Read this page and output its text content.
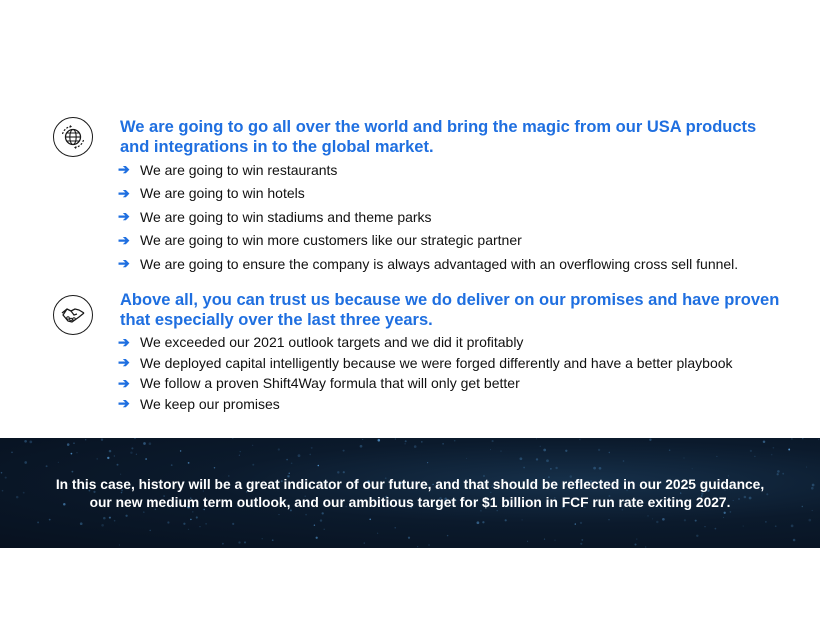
We are going to go all over the world and bring the magic from our USA products and integrations in to the global market.

➔ We are going to win restaurants
➔ We are going to win hotels
➔ We are going to win stadiums and theme parks
➔ We are going to win more customers like our strategic partner
➔ We are going to ensure the company is always advantaged with an overflowing cross sell funnel.

Above all, you can trust us because we do deliver on our promises and have proven that especially over the last three years.

➔ We exceeded our 2021 outlook targets and we did it profitably
➔ We deployed capital intelligently because we were forged differently and have a better playbook
➔ We follow a proven Shift4Way formula that will only get better
➔ We keep our promises

In this case, history will be a great indicator of our future, and that should be reflected in our 2025 guidance,
our new medium term outlook, and our ambitious target for $1 billion in FCF run rate exiting 2027.
